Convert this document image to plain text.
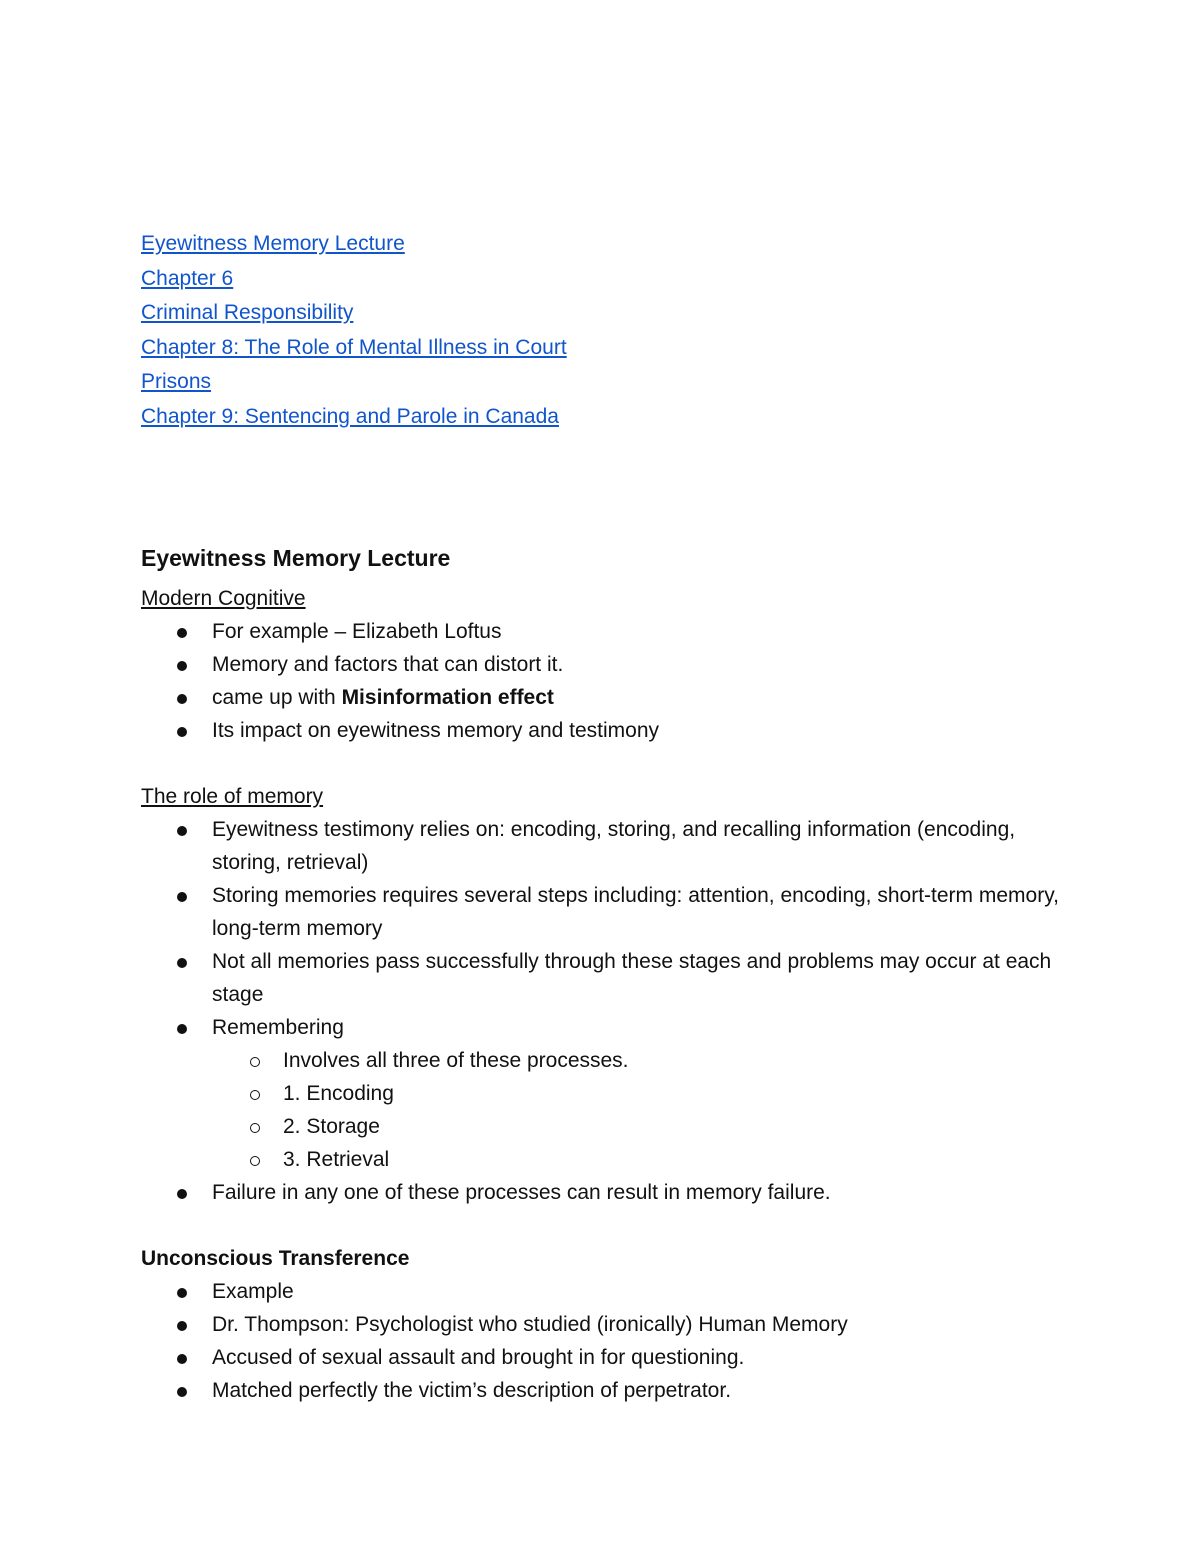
Eyewitness Memory Lecture
Chapter 6
Criminal Responsibility
Chapter 8: The Role of Mental Illness in Court
Prisons
Chapter 9: Sentencing and Parole in Canada
Eyewitness Memory Lecture
Modern Cognitive
For example – Elizabeth Loftus
Memory and factors that can distort it.
came up with Misinformation effect
Its impact on eyewitness memory and testimony
The role of memory
Eyewitness testimony relies on: encoding, storing, and recalling information (encoding, storing, retrieval)
Storing memories requires several steps including: attention, encoding, short-term memory, long-term memory
Not all memories pass successfully through these stages and problems may occur at each stage
Remembering
Involves all three of these processes.
1. Encoding
2. Storage
3. Retrieval
Failure in any one of these processes can result in memory failure.
Unconscious Transference
Example
Dr. Thompson: Psychologist who studied (ironically) Human Memory
Accused of sexual assault and brought in for questioning.
Matched perfectly the victim’s description of perpetrator.
